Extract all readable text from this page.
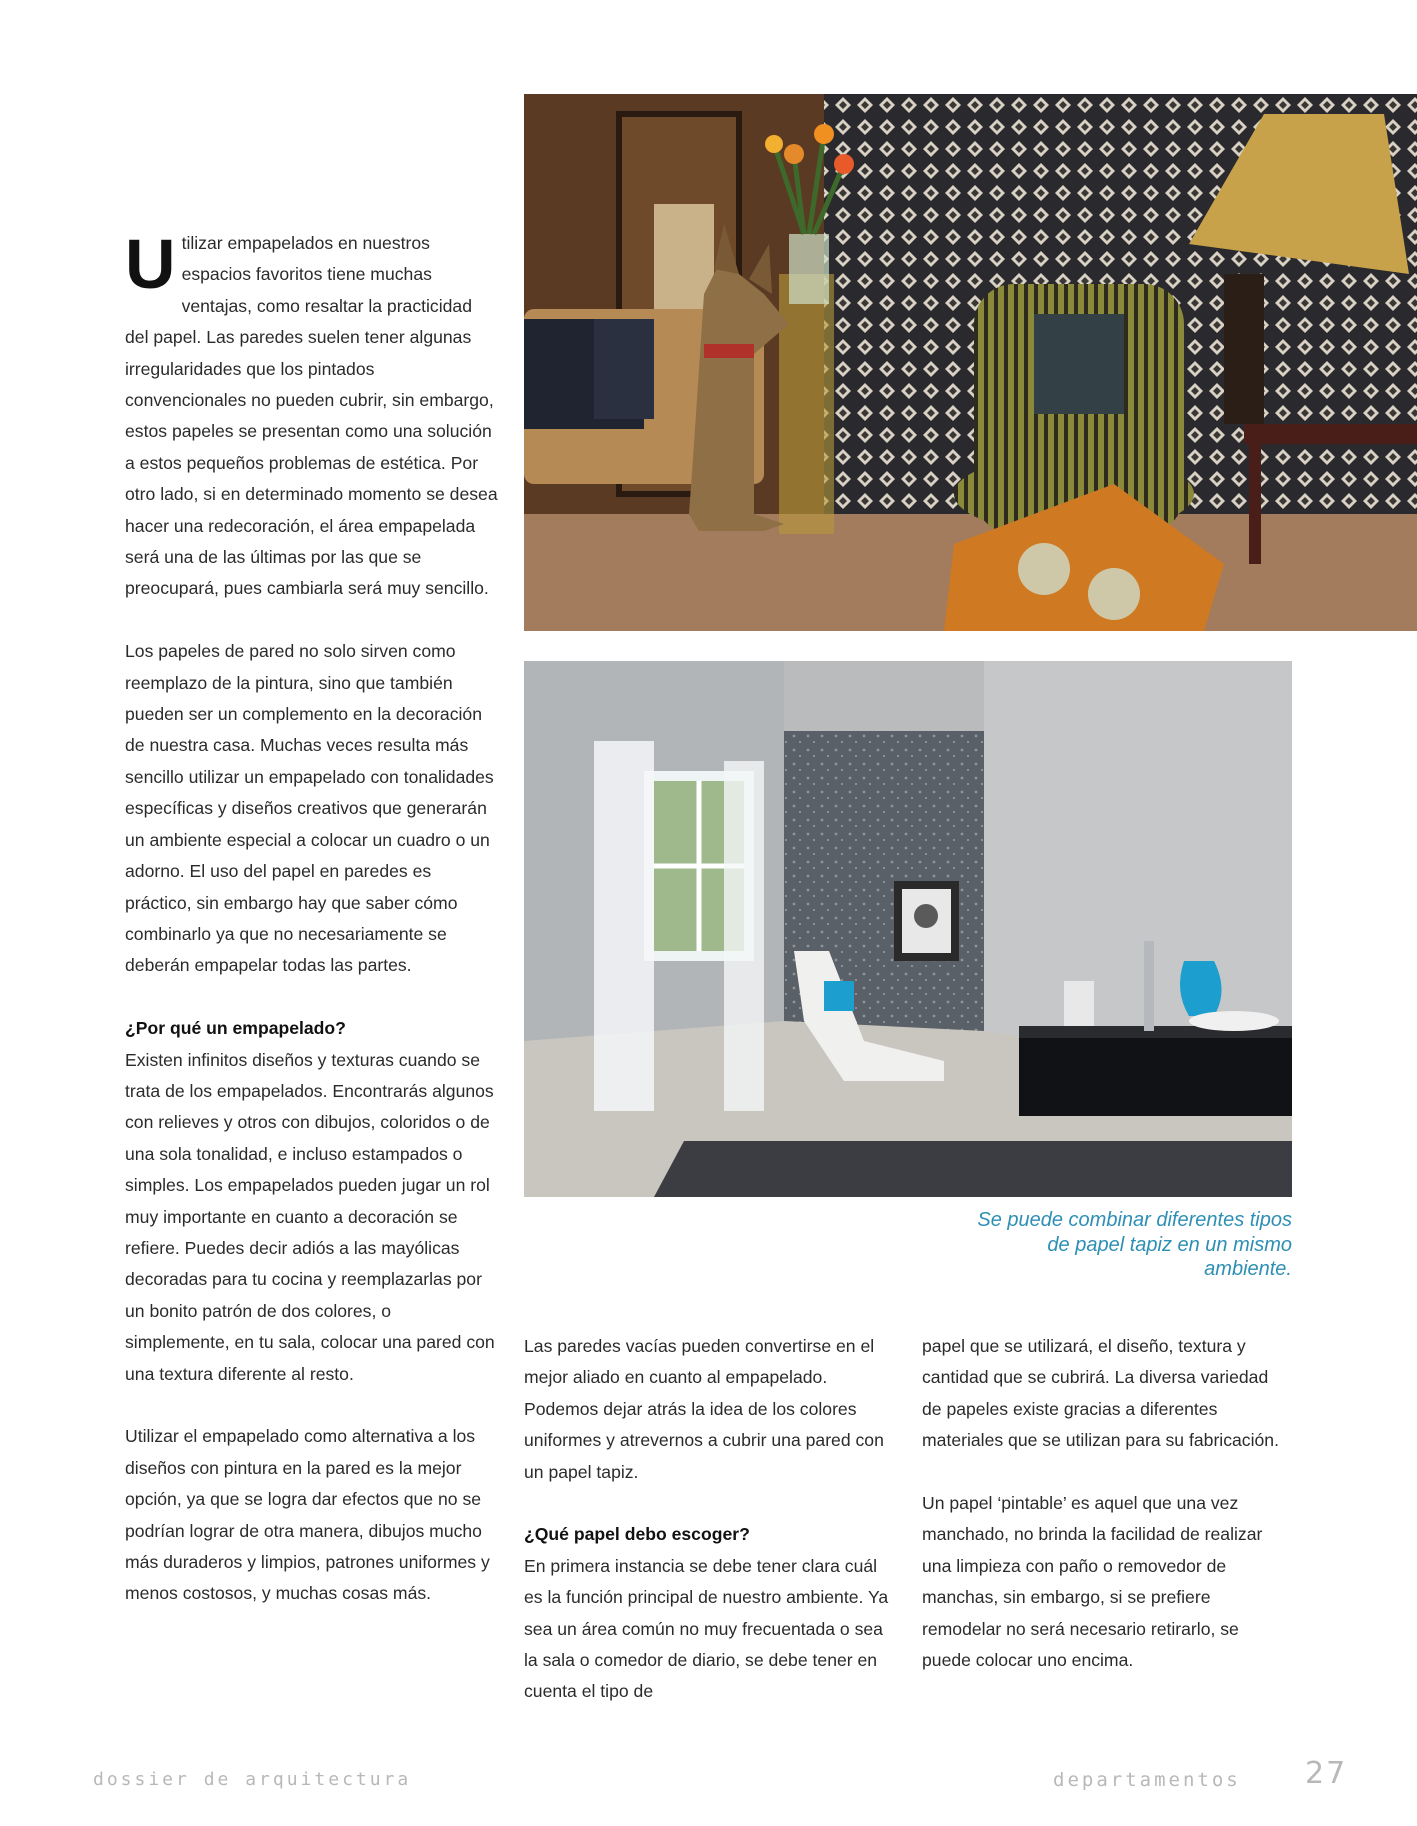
Utilizar empapelados en nuestros espacios favoritos tiene muchas ventajas, como resaltar la practicidad del papel. Las paredes suelen tener algunas irregularidades que los pintados convencionales no pueden cubrir, sin embargo, estos papeles se presentan como una solución a estos pequeños problemas de estética. Por otro lado, si en determinado momento se desea hacer una redecoración, el área empapelada será una de las últimas por las que se preocupará, pues cambiarla será muy sencillo.

Los papeles de pared no solo sirven como reemplazo de la pintura, sino que también pueden ser un complemento en la decoración de nuestra casa. Muchas veces resulta más sencillo utilizar un empapelado con tonalidades específicas y diseños creativos que generarán un ambiente especial a colocar un cuadro o un adorno. El uso del papel en paredes es práctico, sin embargo hay que saber cómo combinarlo ya que no necesariamente se deberán empapelar todas las partes.

¿Por qué un empapelado?

Existen infinitos diseños y texturas cuando se trata de los empapelados. Encontrarás algunos con relieves y otros con dibujos, coloridos o de una sola tonalidad, e incluso estampados o simples. Los empapelados pueden jugar un rol muy importante en cuanto a decoración se refiere. Puedes decir adiós a las mayólicas decoradas para tu cocina y reemplazarlas por un bonito patrón de dos colores, o simplemente, en tu sala, colocar una pared con una textura diferente al resto.

Utilizar el empapelado como alternativa a los diseños con pintura en la pared es la mejor opción, ya que se logra dar efectos que no se podrían lograr de otra manera, dibujos mucho más duraderos y limpios, patrones uniformes y menos costosos, y muchas cosas más.

Se puede combinar diferentes tipos de papel tapiz en un mismo ambiente.

Las paredes vacías pueden convertirse en el mejor aliado en cuanto al empapelado. Podemos dejar atrás la idea de los colores uniformes y atrevernos a cubrir una pared con un papel tapiz.

¿Qué papel debo escoger?

En primera instancia se debe tener clara cuál es la función principal de nuestro ambiente. Ya sea un área común no muy frecuentada o sea la sala o comedor de diario, se debe tener en cuenta el tipo de

papel que se utilizará, el diseño, textura y cantidad que se cubrirá. La diversa variedad de papeles existe gracias a diferentes materiales que se utilizan para su fabricación.

Un papel ‘pintable’ es aquel que una vez manchado, no brinda la facilidad de realizar una limpieza con paño o removedor de manchas, sin embargo, si se prefiere remodelar no será necesario retirarlo, se puede colocar uno encima.

dossier de arquitectura	departamentos 27
